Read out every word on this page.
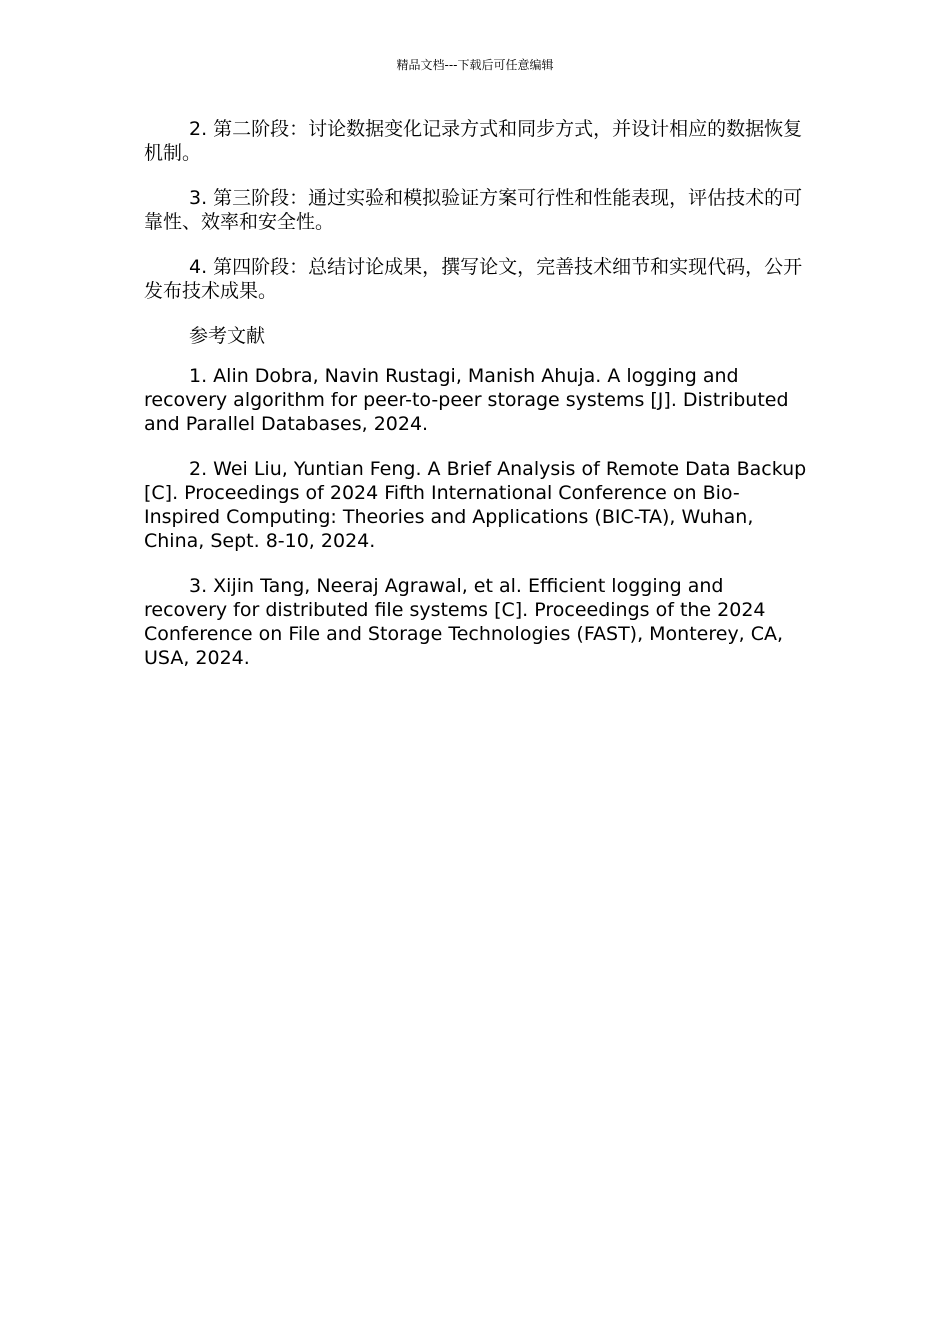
精品文档---下载后可任意编辑

2. 第二阶段：讨论数据变化记录方式和同步方式，并设计相应的数据恢复机制。

3. 第三阶段：通过实验和模拟验证方案可行性和性能表现，评估技术的可靠性、效率和安全性。

4. 第四阶段：总结讨论成果，撰写论文，完善技术细节和实现代码，公开发布技术成果。

参考文献

1. Alin Dobra, Navin Rustagi, Manish Ahuja. A logging and recovery algorithm for peer-to-peer storage systems [J]. Distributed and Parallel Databases, 2024.

2. Wei Liu, Yuntian Feng. A Brief Analysis of Remote Data Backup [C]. Proceedings of 2024 Fifth International Conference on Bio-Inspired Computing: Theories and Applications (BIC-TA), Wuhan, China, Sept. 8-10, 2024.

3. Xijin Tang, Neeraj Agrawal, et al. Efficient logging and recovery for distributed file systems [C]. Proceedings of the 2024 Conference on File and Storage Technologies (FAST), Monterey, CA, USA, 2024.
